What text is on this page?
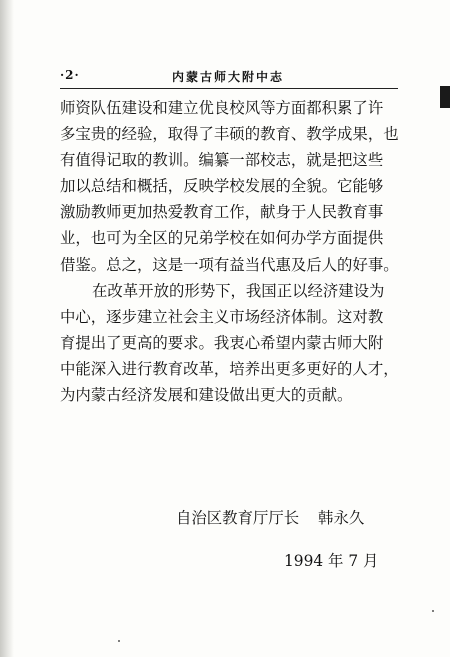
·2·	内蒙古师大附中志
师资队伍建设和建立优良校风等方面都积累了许
多宝贵的经验，取得了丰硕的教育、教学成果，也
有值得记取的教训。编纂一部校志，就是把这些
加以总结和概括，反映学校发展的全貌。它能够
激励教师更加热爱教育工作，献身于人民教育事
业，也可为全区的兄弟学校在如何办学方面提供
借鉴。总之，这是一项有益当代惠及后人的好事。
在改革开放的形势下，我国正以经济建设为
中心，逐步建立社会主义市场经济体制。这对教
育提出了更高的要求。我衷心希望内蒙古师大附
中能深入进行教育改革，培养出更多更好的人才，
为内蒙古经济发展和建设做出更大的贡献。
自治区教育厅厅长 韩永久
1994 年 7 月
